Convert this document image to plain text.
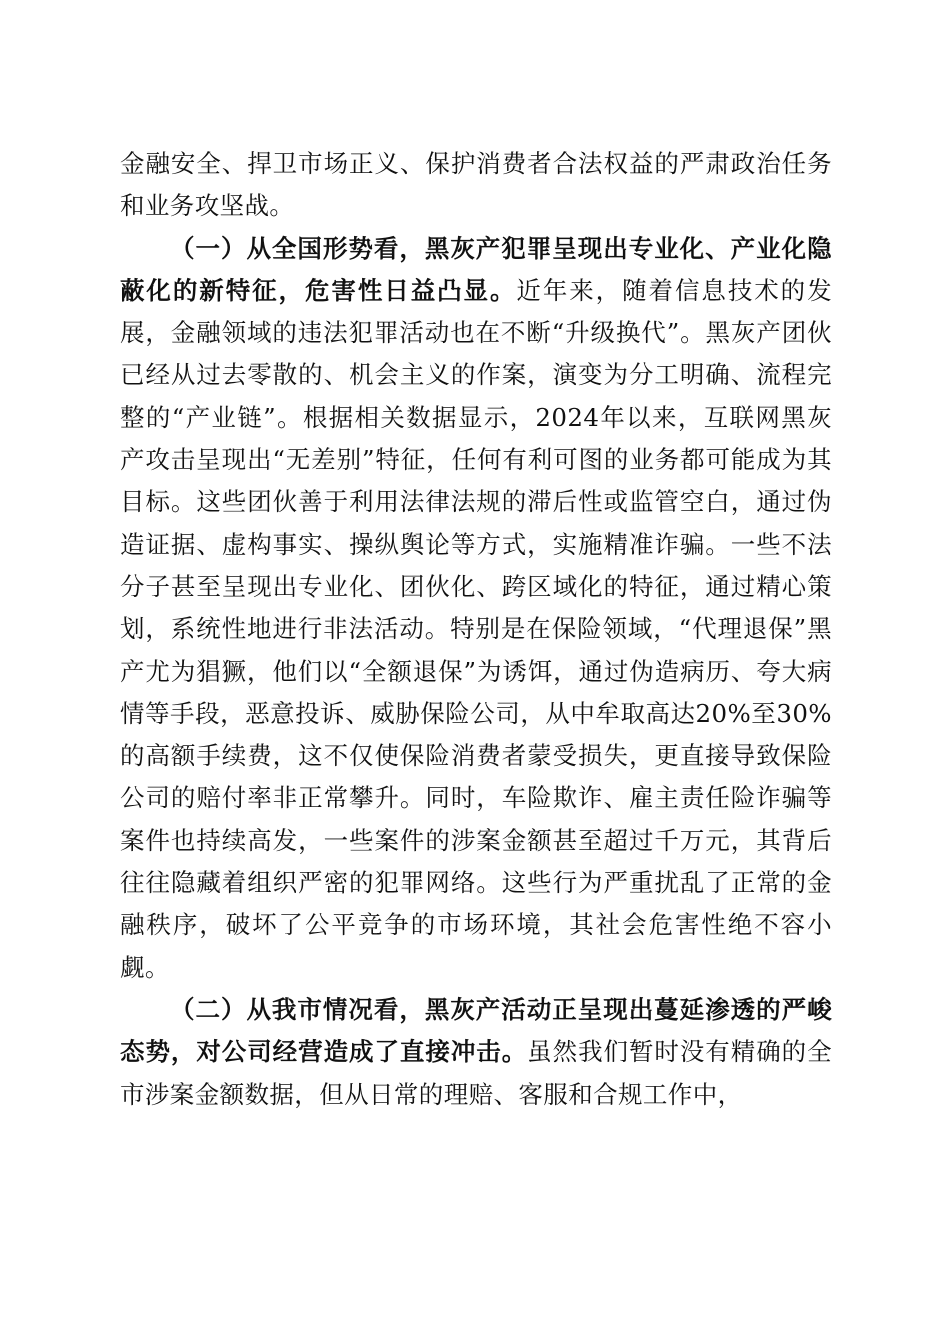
金融安全、捍卫市场正义、保护消费者合法权益的严肃政治任务和业务攻坚战。

（一）从全国形势看，黑灰产犯罪呈现出专业化、产业化隐蔽化的新特征，危害性日益凸显。近年来，随着信息技术的发展，金融领域的违法犯罪活动也在不断“升级换代”。黑灰产团伙已经从过去零散的、机会主义的作案，演变为分工明确、流程完整的“产业链”。根据相关数据显示，2024年以来，互联网黑灰产攻击呈现出“无差别”特征，任何有利可图的业务都可能成为其目标。这些团伙善于利用法律法规的滞后性或监管空白，通过伪造证据、虚构事实、操纵舆论等方式，实施精准诈骗。一些不法分子甚至呈现出专业化、团伙化、跨区域化的特征，通过精心策划，系统性地进行非法活动。特别是在保险领域，“代理退保”黑产尤为猖獗，他们以“全额退保”为诱饵，通过伪造病历、夸大病情等手段，恶意投诉、威胁保险公司，从中牟取高达20%至30%的高额手续费，这不仅使保险消费者蒙受损失，更直接导致保险公司的赔付率非正常攀升。同时，车险欺诈、雇主责任险诈骗等案件也持续高发，一些案件的涉案金额甚至超过千万元，其背后往往隐藏着组织严密的犯罪网络。这些行为严重扰乱了正常的金融秩序，破坏了公平竞争的市场环境，其社会危害性绝不容小觑。

（二）从我市情况看，黑灰产活动正呈现出蔓延渗透的严峻态势，对公司经营造成了直接冲击。虽然我们暂时没有精确的全市涉案金额数据，但从日常的理赔、客服和合规工作中，
